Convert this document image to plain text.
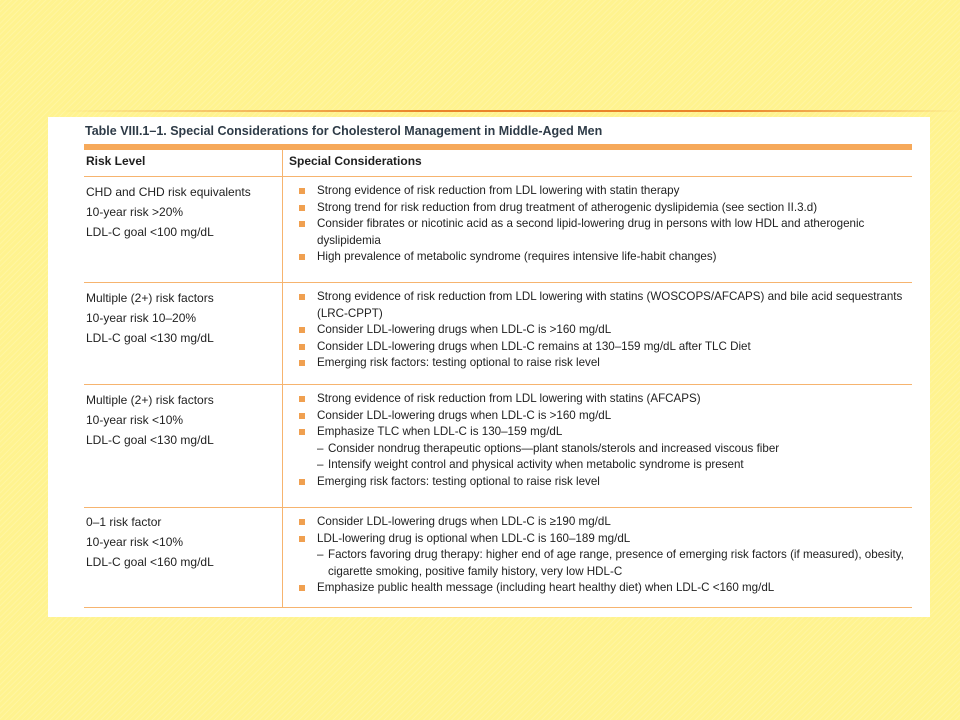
Table VIII.1–1. Special Considerations for Cholesterol Management in Middle-Aged Men
Risk Level	Special Considerations
CHD and CHD risk equivalents
10-year risk >20%
LDL-C goal <100 mg/dL
Strong evidence of risk reduction from LDL lowering with statin therapy
Strong trend for risk reduction from drug treatment of atherogenic dyslipidemia (see section II.3.d)
Consider fibrates or nicotinic acid as a second lipid-lowering drug in persons with low HDL and atherogenic dyslipidemia
High prevalence of metabolic syndrome (requires intensive life-habit changes)
Multiple (2+) risk factors
10-year risk 10–20%
LDL-C goal <130 mg/dL
Strong evidence of risk reduction from LDL lowering with statins (WOSCOPS/AFCAPS) and bile acid sequestrants (LRC-CPPT)
Consider LDL-lowering drugs when LDL-C is >160 mg/dL
Consider LDL-lowering drugs when LDL-C remains at 130–159 mg/dL after TLC Diet
Emerging risk factors: testing optional to raise risk level
Multiple (2+) risk factors
10-year risk <10%
LDL-C goal <130 mg/dL
Strong evidence of risk reduction from LDL lowering with statins (AFCAPS)
Consider LDL-lowering drugs when LDL-C is >160 mg/dL
Emphasize TLC when LDL-C is 130–159 mg/dL
– Consider nondrug therapeutic options—plant stanols/sterols and increased viscous fiber
– Intensify weight control and physical activity when metabolic syndrome is present
Emerging risk factors: testing optional to raise risk level
0–1 risk factor
10-year risk <10%
LDL-C goal <160 mg/dL
Consider LDL-lowering drugs when LDL-C is ≥190 mg/dL
LDL-lowering drug is optional when LDL-C is 160–189 mg/dL
– Factors favoring drug therapy: higher end of age range, presence of emerging risk factors (if measured), obesity, cigarette smoking, positive family history, very low HDL-C
Emphasize public health message (including heart healthy diet) when LDL-C <160 mg/dL
